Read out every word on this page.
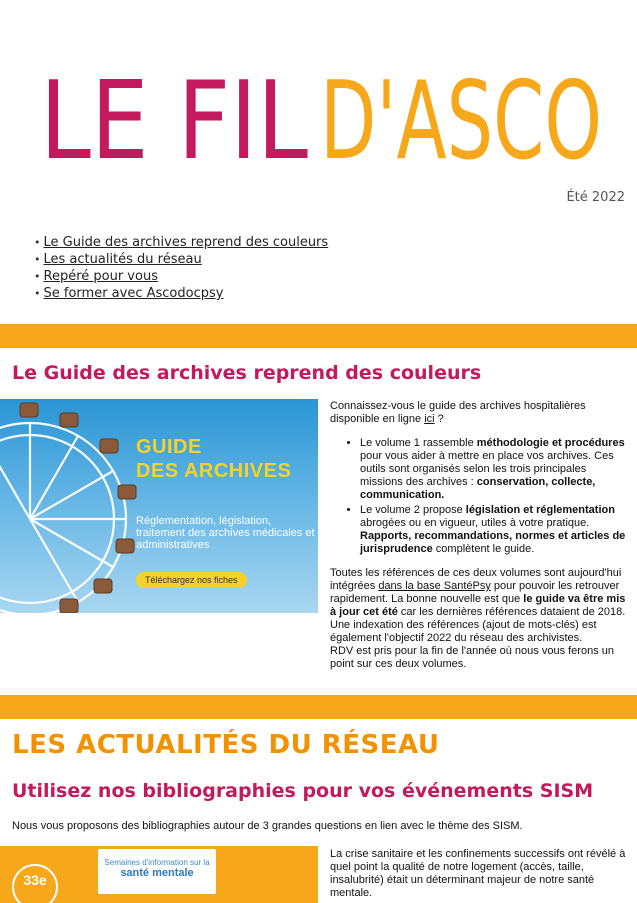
LE FIL D'ASCO
Été 2022
• Le Guide des archives reprend des couleurs
• Les actualités du réseau
• Repéré pour vous
• Se former avec Ascodocpsy
Le Guide des archives reprend des couleurs
GUIDE
DES ARCHIVES
Réglementation, législation, traitement des archives médicales et administratives
Téléchargez nos fiches

Connaissez-vous le guide des archives hospitalières disponible en ligne ici ?

• Le volume 1 rassemble méthodologie et procédures pour vous aider à mettre en place vos archives. Ces outils sont organisés selon les trois principales missions des archives : conservation, collecte, communication.
• Le volume 2 propose législation et réglementation abrogées ou en vigueur, utiles à votre pratique. Rapports, recommandations, normes et articles de jurisprudence complètent le guide.

Toutes les références de ces deux volumes sont aujourd'hui intégrées dans la base SantéPsy pour pouvoir les retrouver rapidement. La bonne nouvelle est que le guide va être mis à jour cet été car les dernières références dataient de 2018. Une indexation des références (ajout de mots-clés) est également l'objectif 2022 du réseau des archivistes.

RDV est pris pour la fin de l'année où nous vous ferons un point sur ces deux volumes.

LES ACTUALITÉS DU RÉSEAU
Utilisez nos bibliographies pour vos événements SISM
Nous vous proposons des bibliographies autour de 3 grandes questions en lien avec le thème des SISM.
33e
Semaines d'information sur la
santé mentale
La crise sanitaire et les confinements successifs ont révélé à quel point la qualité de notre logement (accès, taille, insalubrité) était un déterminant majeur de notre santé mentale.
